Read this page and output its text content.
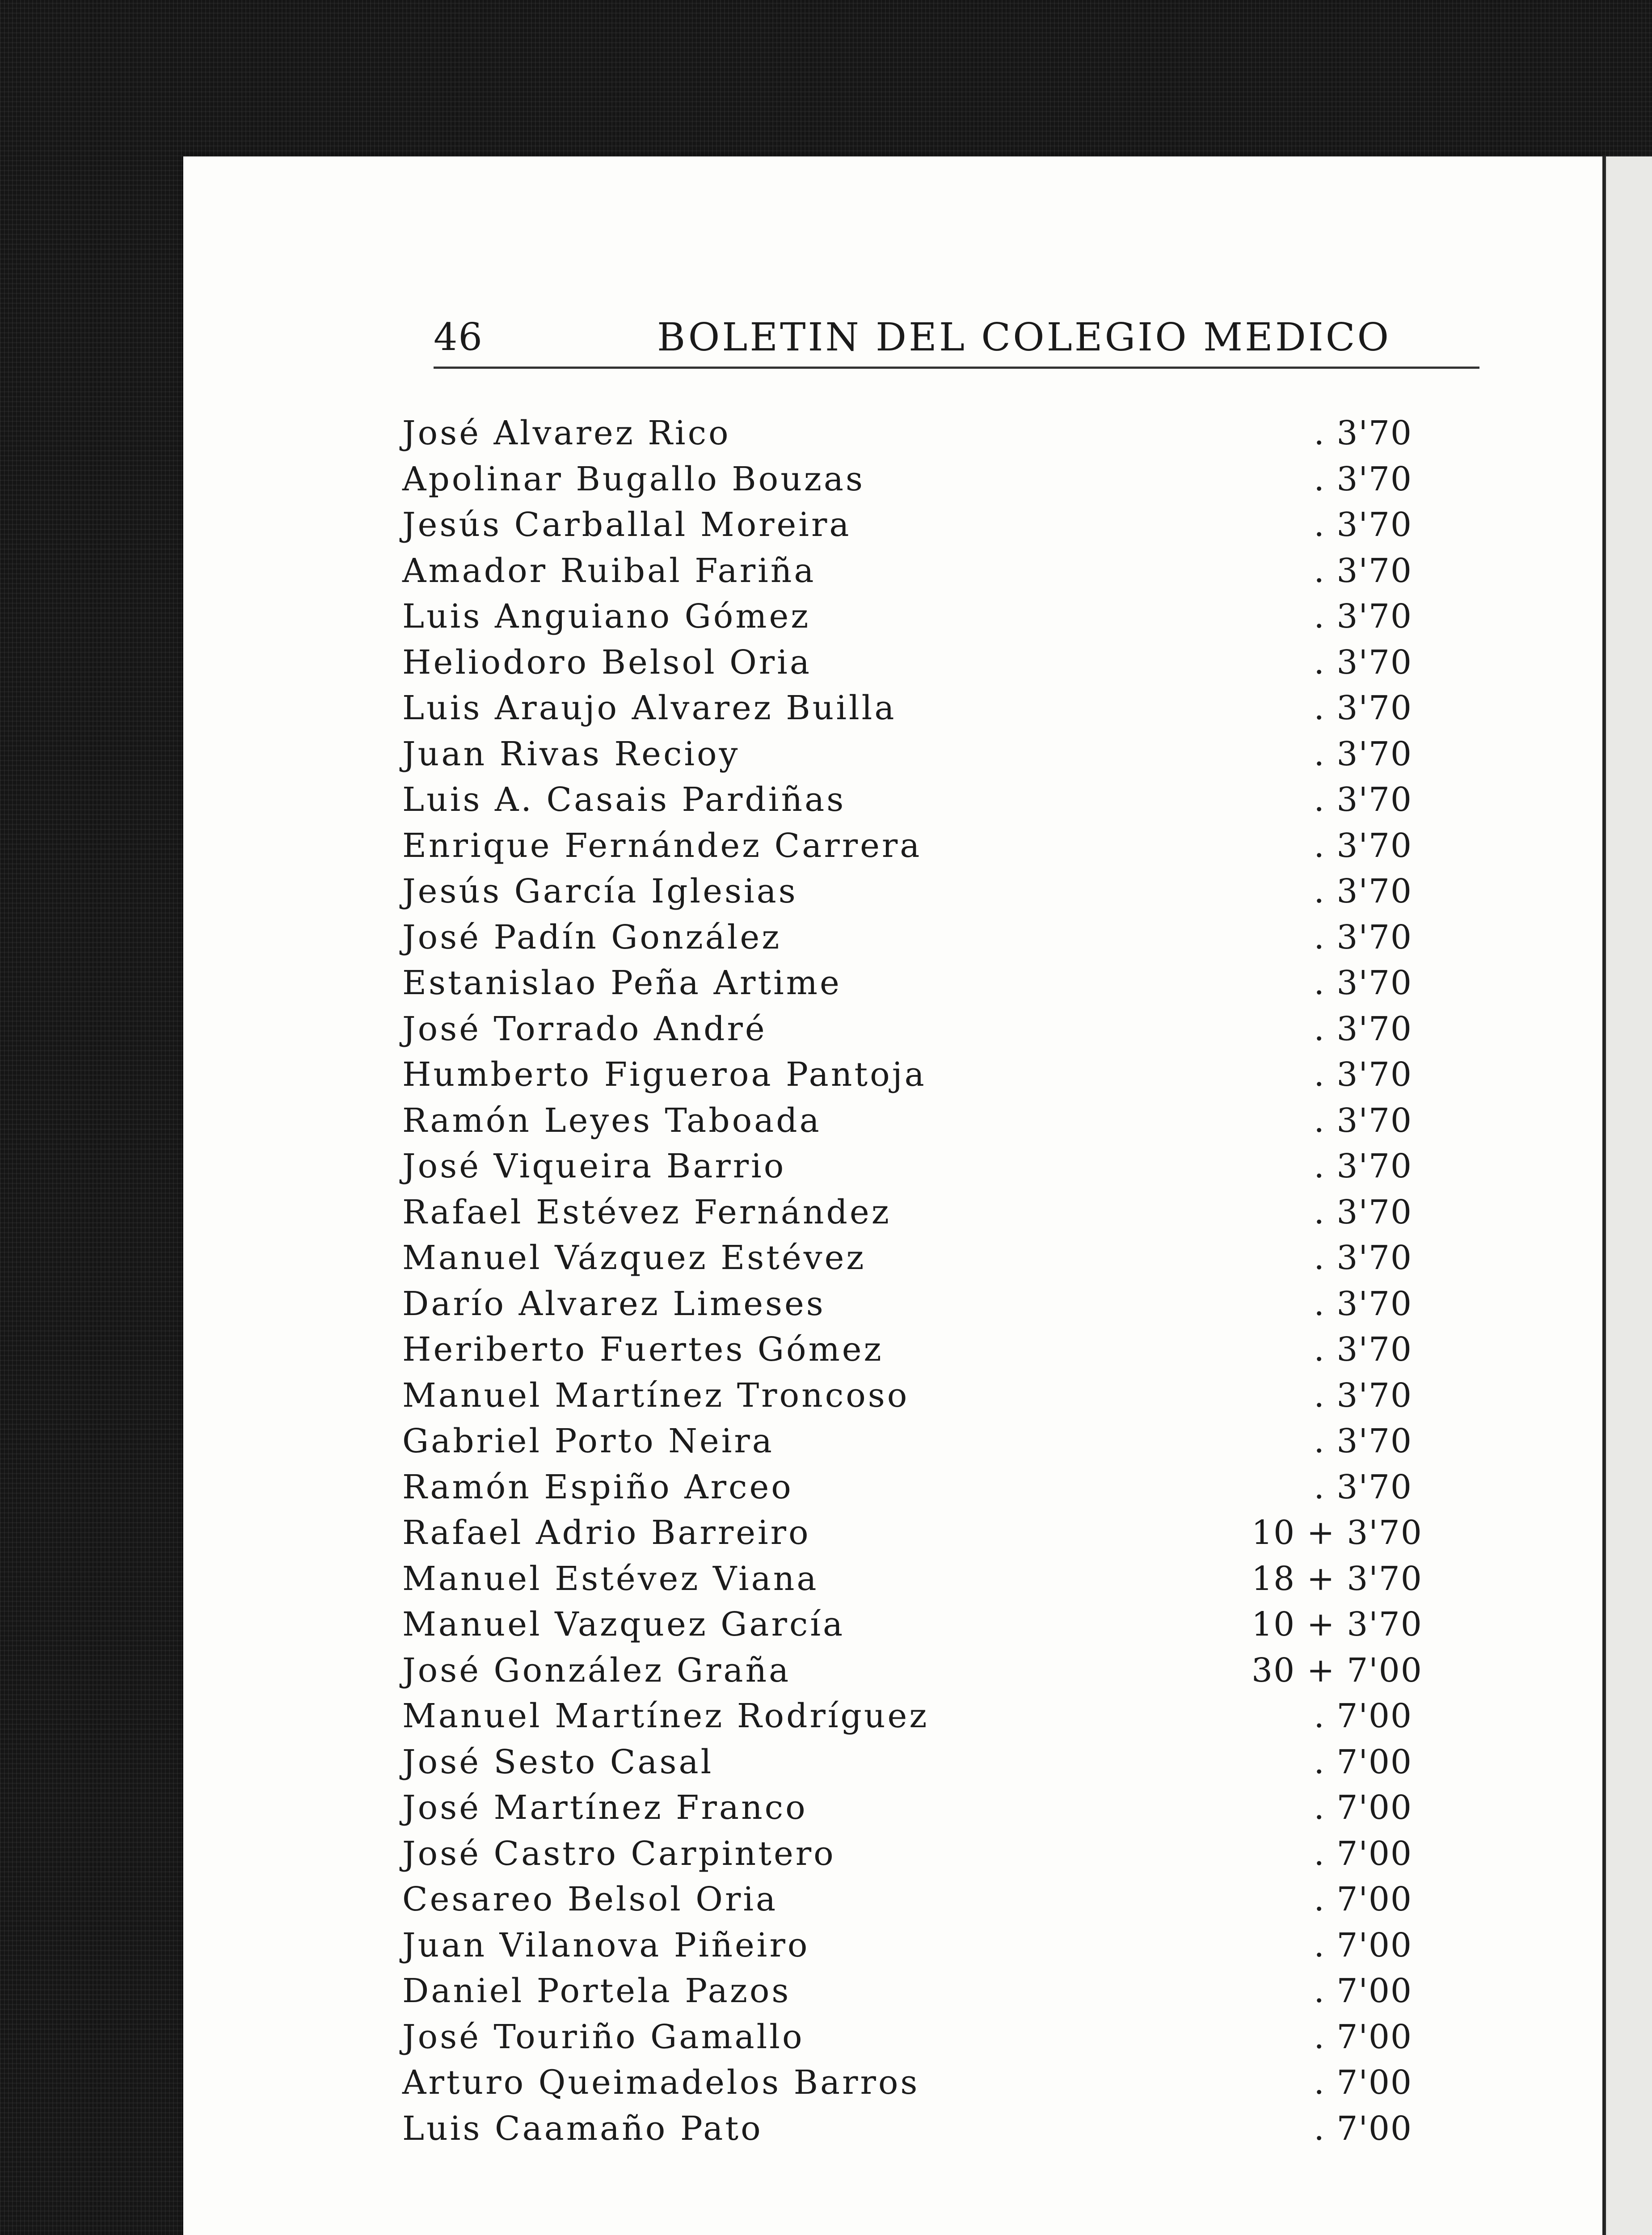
46	BOLETIN DEL COLEGIO MEDICO
José Alvarez Rico	. 3'70
Apolinar Bugallo Bouzas	. 3'70
Jesús Carballal Moreira	. 3'70
Amador Ruibal Fariña	. 3'70
Luis Anguiano Gómez	. 3'70
Heliodoro Belsol Oria	. 3'70
Luis Araujo Alvarez Builla	. 3'70
Juan Rivas Recioy	. 3'70
Luis A. Casais Pardiñas	. 3'70
Enrique Fernández Carrera	. 3'70
Jesús García Iglesias	. 3'70
José Padín González	. 3'70
Estanislao Peña Artime	. 3'70
José Torrado André	. 3'70
Humberto Figueroa Pantoja	. 3'70
Ramón Leyes Taboada	. 3'70
José Viqueira Barrio	. 3'70
Rafael Estévez Fernández	. 3'70
Manuel Vázquez Estévez	. 3'70
Darío Alvarez Limeses	. 3'70
Heriberto Fuertes Gómez	. 3'70
Manuel Martínez Troncoso	. 3'70
Gabriel Porto Neira	. 3'70
Ramón Espiño Arceo	. 3'70
Rafael Adrio Barreiro	10 + 3'70
Manuel Estévez Viana	18 + 3'70
Manuel Vazquez García	10 + 3'70
José González Graña	30 + 7'00
Manuel Martínez Rodríguez	. 7'00
José Sesto Casal	. 7'00
José Martínez Franco	. 7'00
José Castro Carpintero	. 7'00
Cesareo Belsol Oria	. 7'00
Juan Vilanova Piñeiro	. 7'00
Daniel Portela Pazos	. 7'00
José Touriño Gamallo	. 7'00
Arturo Queimadelos Barros	. 7'00
Luis Caamaño Pato	. 7'00
